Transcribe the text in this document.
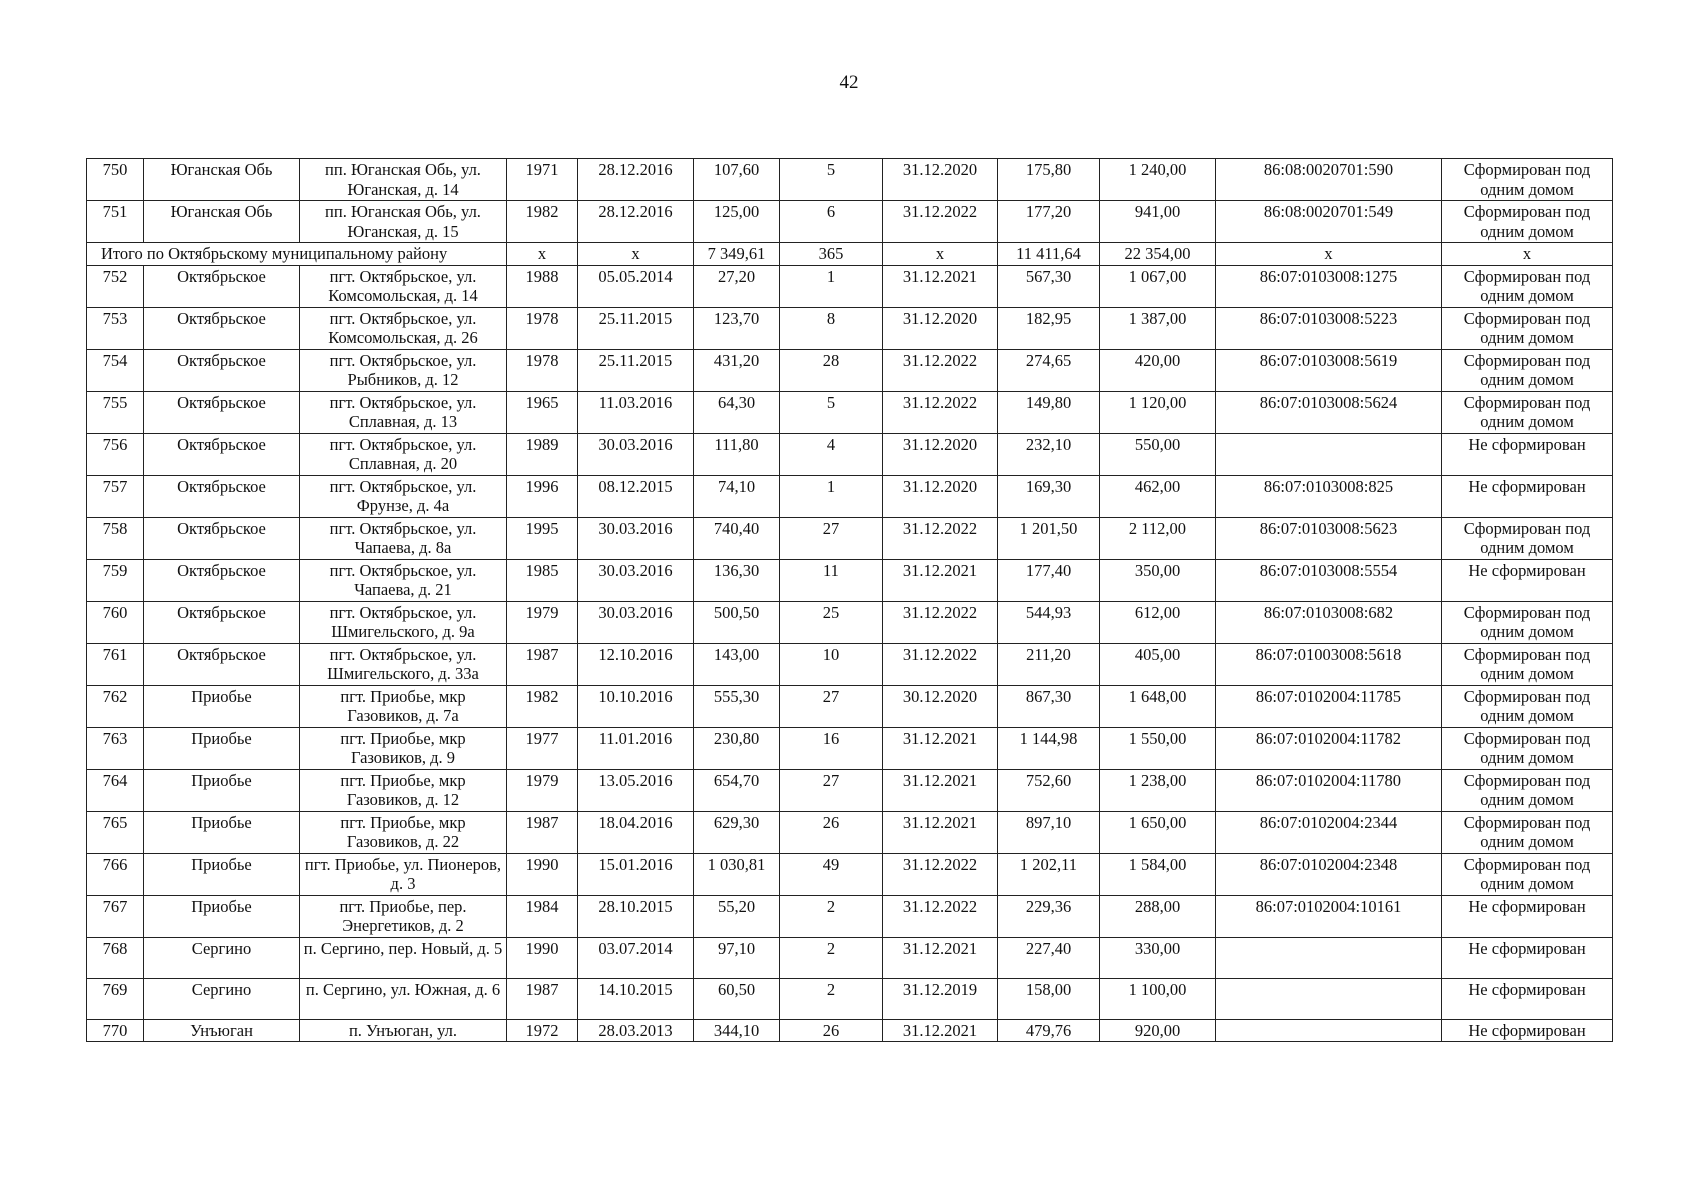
42
750	Юганская Обь	пп. Юганская Обь, ул. Юганская, д. 14	1971	28.12.2016	107,60	5	31.12.2020	175,80	1 240,00	86:08:0020701:590	Сформирован под одним домом
751	Юганская Обь	пп. Юганская Обь, ул. Юганская, д. 15	1982	28.12.2016	125,00	6	31.12.2022	177,20	941,00	86:08:0020701:549	Сформирован под одним домом
Итого по Октябрьскому муниципальному району			х	х	7 349,61	365	х	11 411,64	22 354,00	х	х
752	Октябрьское	пгт. Октябрьское, ул. Комсомольская, д. 14	1988	05.05.2014	27,20	1	31.12.2021	567,30	1 067,00	86:07:0103008:1275	Сформирован под одним домом
753	Октябрьское	пгт. Октябрьское, ул. Комсомольская, д. 26	1978	25.11.2015	123,70	8	31.12.2020	182,95	1 387,00	86:07:0103008:5223	Сформирован под одним домом
754	Октябрьское	пгт. Октябрьское, ул. Рыбников, д. 12	1978	25.11.2015	431,20	28	31.12.2022	274,65	420,00	86:07:0103008:5619	Сформирован под одним домом
755	Октябрьское	пгт. Октябрьское, ул. Сплавная, д. 13	1965	11.03.2016	64,30	5	31.12.2022	149,80	1 120,00	86:07:0103008:5624	Сформирован под одним домом
756	Октябрьское	пгт. Октябрьское, ул. Сплавная, д. 20	1989	30.03.2016	111,80	4	31.12.2020	232,10	550,00		Не сформирован
757	Октябрьское	пгт. Октябрьское, ул. Фрунзе, д. 4а	1996	08.12.2015	74,10	1	31.12.2020	169,30	462,00	86:07:0103008:825	Не сформирован
758	Октябрьское	пгт. Октябрьское, ул. Чапаева, д. 8а	1995	30.03.2016	740,40	27	31.12.2022	1 201,50	2 112,00	86:07:0103008:5623	Сформирован под одним домом
759	Октябрьское	пгт. Октябрьское, ул. Чапаева, д. 21	1985	30.03.2016	136,30	11	31.12.2021	177,40	350,00	86:07:0103008:5554	Не сформирован
760	Октябрьское	пгт. Октябрьское, ул. Шмигельского, д. 9а	1979	30.03.2016	500,50	25	31.12.2022	544,93	612,00	86:07:0103008:682	Сформирован под одним домом
761	Октябрьское	пгт. Октябрьское, ул. Шмигельского, д. 33а	1987	12.10.2016	143,00	10	31.12.2022	211,20	405,00	86:07:01003008:5618	Сформирован под одним домом
762	Приобье	пгт. Приобье, мкр Газовиков, д. 7а	1982	10.10.2016	555,30	27	30.12.2020	867,30	1 648,00	86:07:0102004:11785	Сформирован под одним домом
763	Приобье	пгт. Приобье, мкр Газовиков, д. 9	1977	11.01.2016	230,80	16	31.12.2021	1 144,98	1 550,00	86:07:0102004:11782	Сформирован под одним домом
764	Приобье	пгт. Приобье, мкр Газовиков, д. 12	1979	13.05.2016	654,70	27	31.12.2021	752,60	1 238,00	86:07:0102004:11780	Сформирован под одним домом
765	Приобье	пгт. Приобье, мкр Газовиков, д. 22	1987	18.04.2016	629,30	26	31.12.2021	897,10	1 650,00	86:07:0102004:2344	Сформирован под одним домом
766	Приобье	пгт. Приобье, ул. Пионеров, д. 3	1990	15.01.2016	1 030,81	49	31.12.2022	1 202,11	1 584,00	86:07:0102004:2348	Сформирован под одним домом
767	Приобье	пгт. Приобье, пер. Энергетиков, д. 2	1984	28.10.2015	55,20	2	31.12.2022	229,36	288,00	86:07:0102004:10161	Не сформирован
768	Сергино	п. Сергино, пер. Новый, д. 5	1990	03.07.2014	97,10	2	31.12.2021	227,40	330,00		Не сформирован
769	Сергино	п. Сергино, ул. Южная, д. 6	1987	14.10.2015	60,50	2	31.12.2019	158,00	1 100,00		Не сформирован
770	Унъюган	п. Унъюган, ул.	1972	28.03.2013	344,10	26	31.12.2021	479,76	920,00		Не сформирован
